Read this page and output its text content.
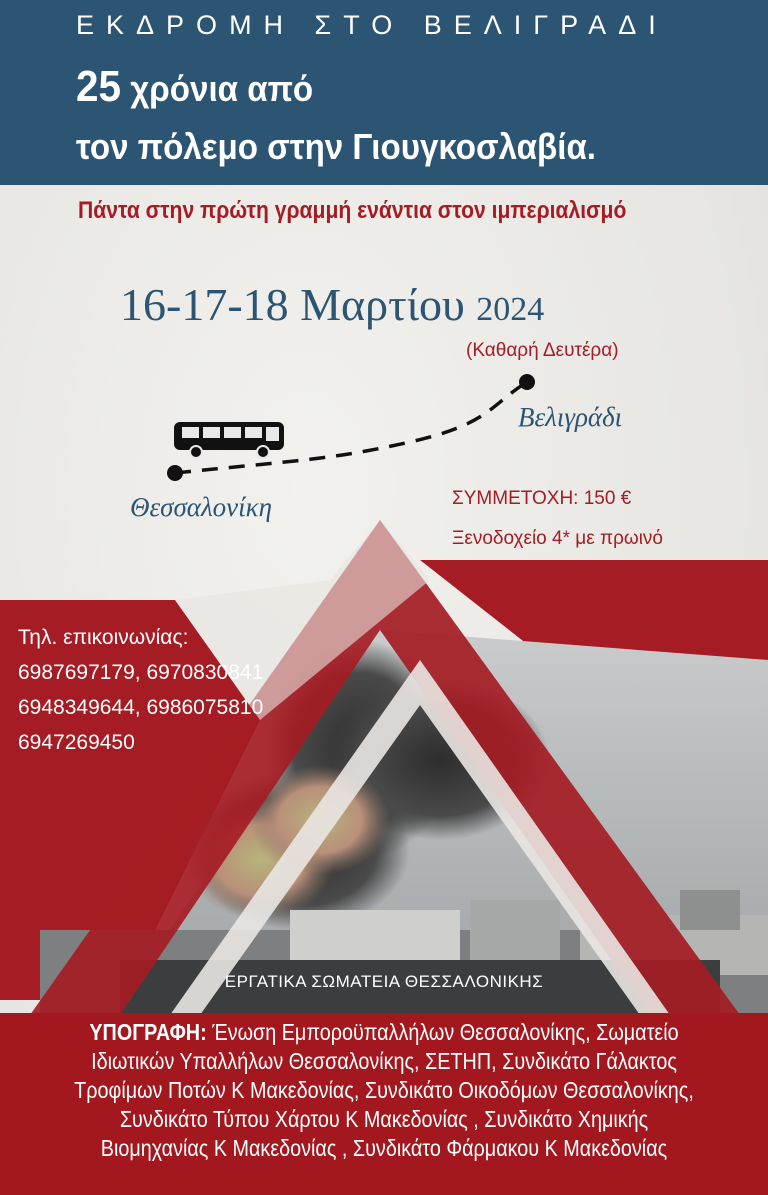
ΕΚΔΡΟΜΗ ΣΤΟ ΒΕΛΙΓΡΑΔΙ
25 χρόνια από
τον πόλεμο στην Γιουγκοσλαβία.
Πάντα στην πρώτη γραμμή ενάντια στον ιμπεριαλισμό
16-17-18 Μαρτίου 2024
(Καθαρή Δευτέρα)
Βελιγράδι
Θεσσαλονίκη	ΣΥΜΜΕΤΟΧΗ: 150 €
Ξενοδοχείο 4* με πρωινό
Τηλ. επικοινωνίας:
6987697179, 6970830841
6948349644, 6986075810
6947269450
ΕΡΓΑΤΙΚΑ ΣΩΜΑΤΕΙΑ ΘΕΣΣΑΛΟΝΙΚΗΣ
ΥΠΟΓΡΑΦΗ: Ένωση Εμποροϋπαλλήλων Θεσσαλονίκης, Σωματείο
Ιδιωτικών Υπαλλήλων Θεσσαλονίκης, ΣΕΤΗΠ, Συνδικάτο Γάλακτος
Τροφίμων Ποτών Κ Μακεδονίας, Συνδικάτο Οικοδόμων Θεσσαλονίκης,
Συνδικάτο Τύπου Χάρτου Κ Μακεδονίας , Συνδικάτο Χημικής
Βιομηχανίας Κ Μακεδονίας , Συνδικάτο Φάρμακου Κ Μακεδονίας
